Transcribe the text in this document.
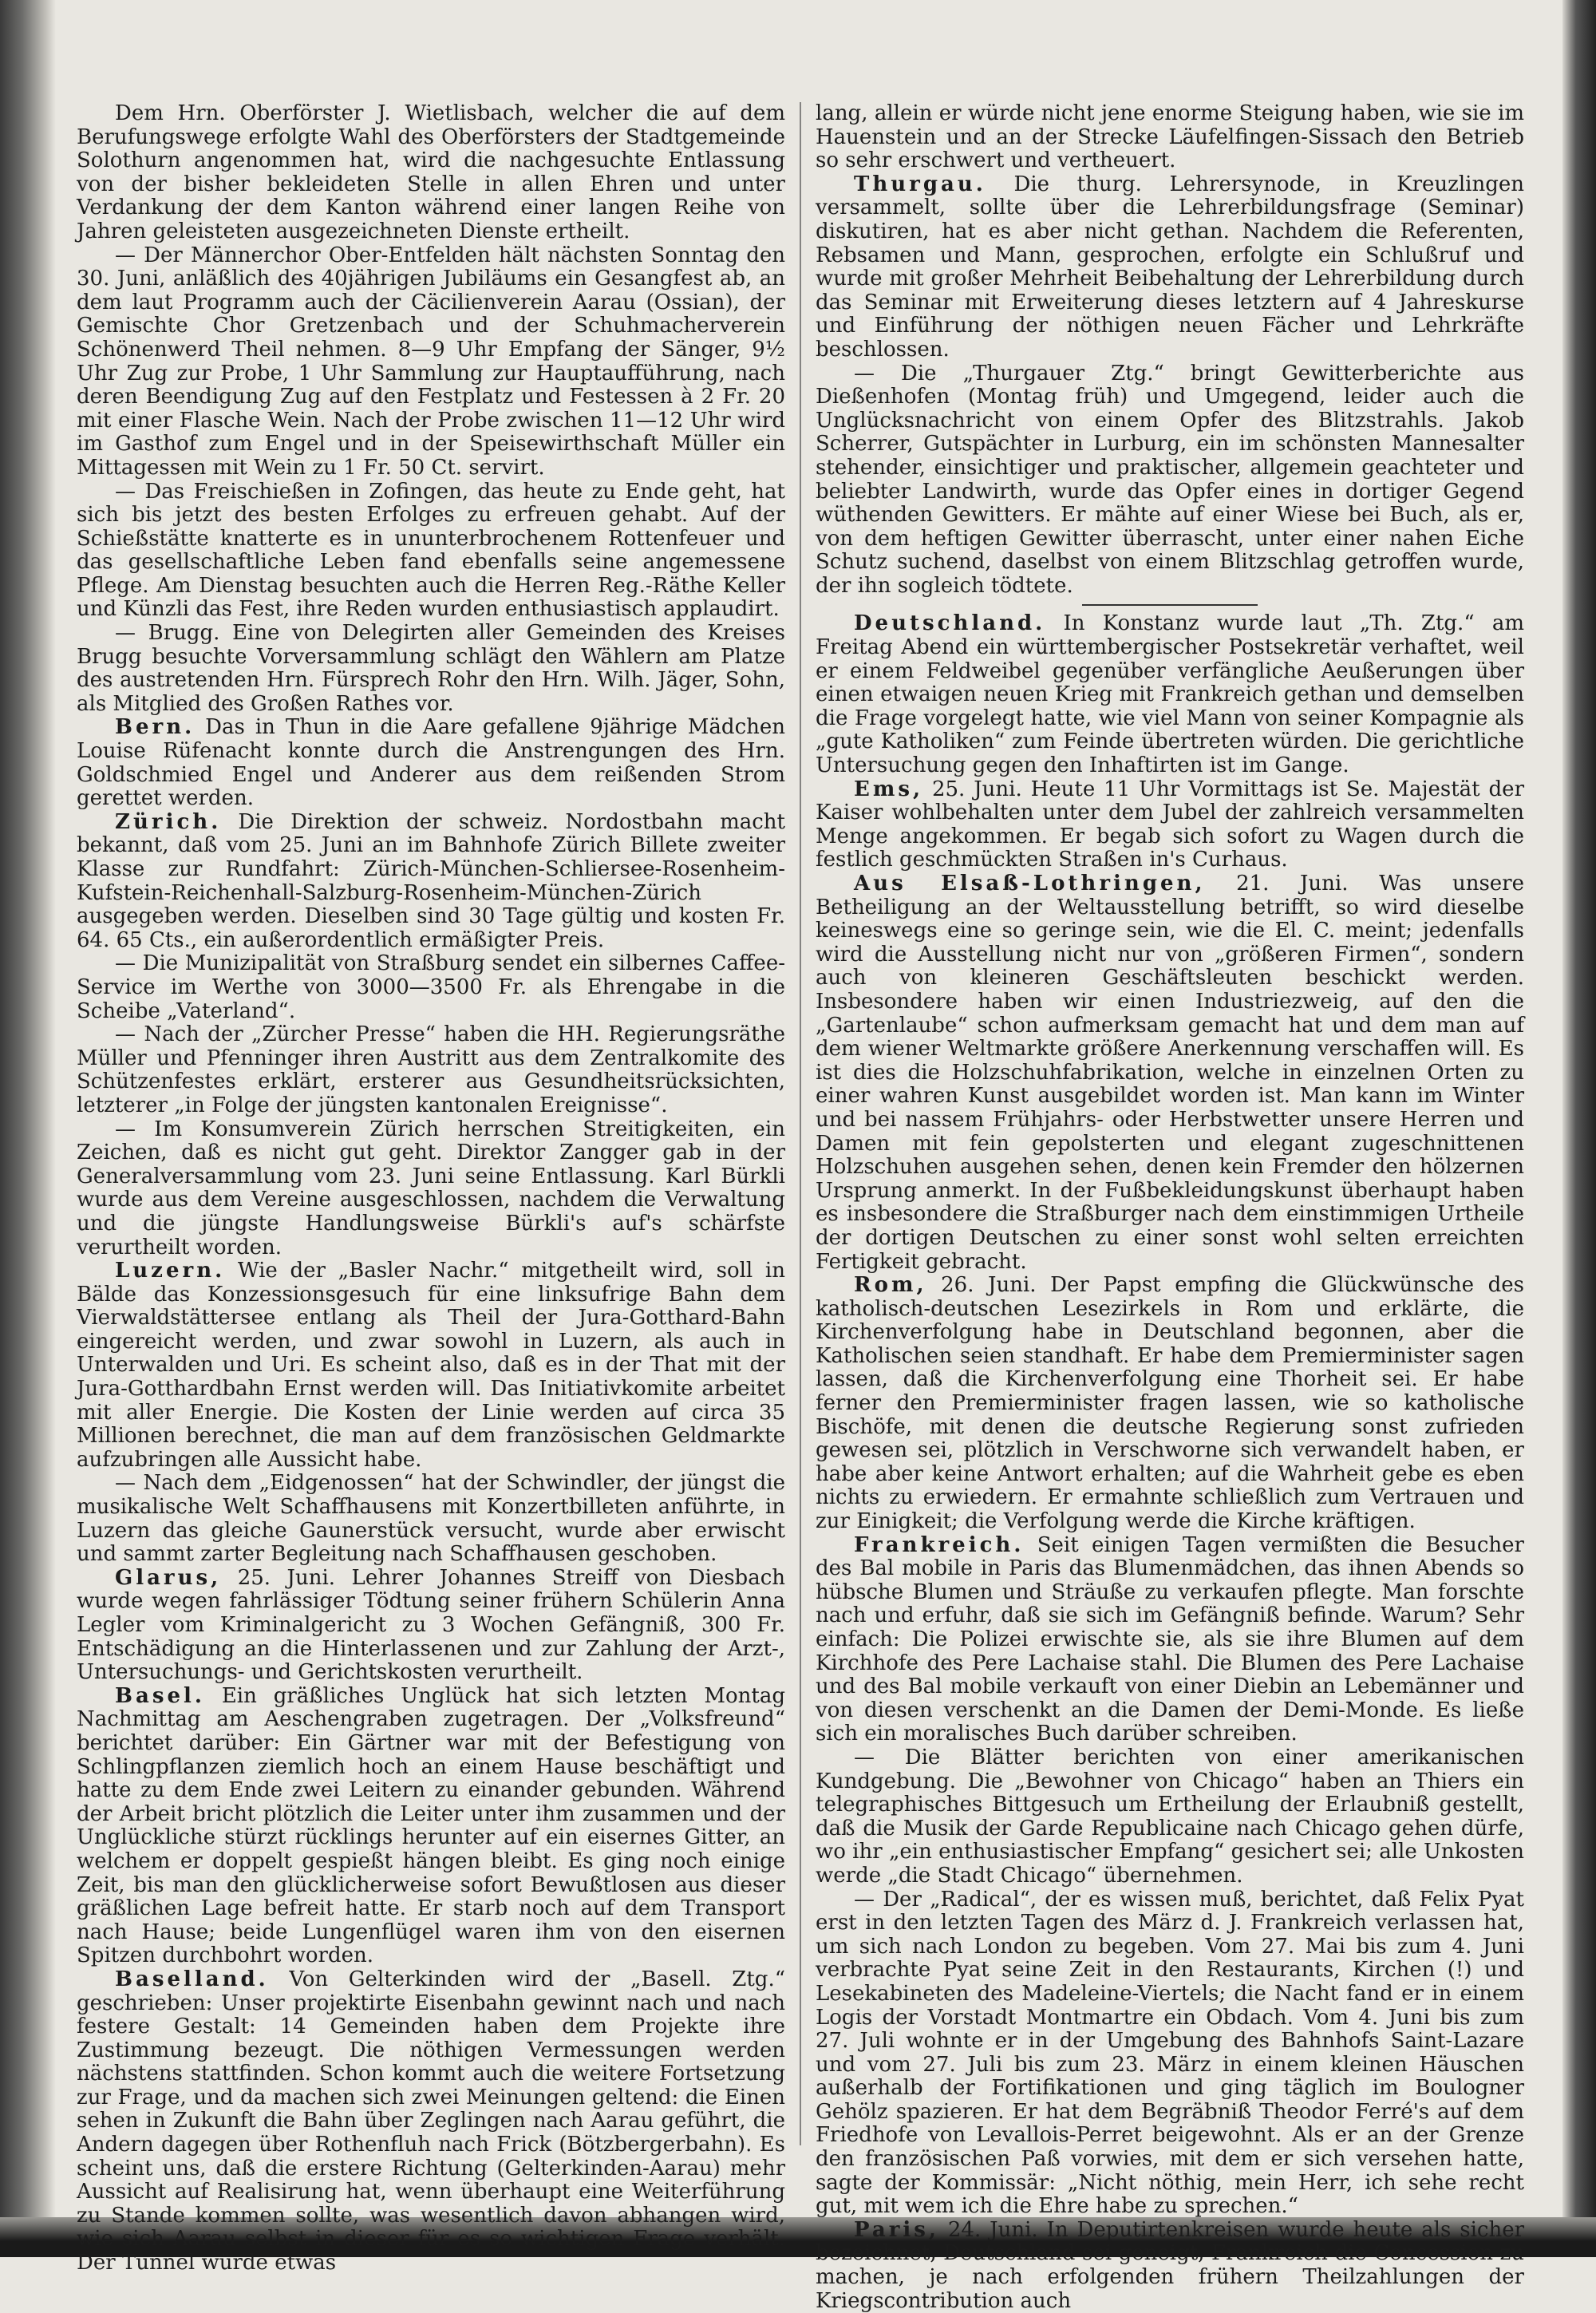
Dem Hrn. Oberförster J. Wietlisbach, welcher die auf dem Berufungswege erfolgte Wahl des Oberförsters der Stadtgemeinde Solothurn angenommen hat, wird die nachgesuchte Entlassung von der bisher bekleideten Stelle in allen Ehren und unter Verdankung der dem Kanton während einer langen Reihe von Jahren geleisteten ausgezeichneten Dienste ertheilt.

— Der Männerchor Ober-Entfelden hält nächsten Sonntag den 30. Juni, anläßlich des 40jährigen Jubiläums ein Gesangfest ab, an dem laut Programm auch der Cäcilienverein Aarau (Ossian), der Gemischte Chor Gretzenbach und der Schuhmacherverein Schönenwerd Theil nehmen. 8—9 Uhr Empfang der Sänger, 9½ Uhr Zug zur Probe, 1 Uhr Sammlung zur Hauptaufführung, nach deren Beendigung Zug auf den Festplatz und Festessen à 2 Fr. 20 mit einer Flasche Wein. Nach der Probe zwischen 11—12 Uhr wird im Gasthof zum Engel und in der Speisewirthschaft Müller ein Mittagessen mit Wein zu 1 Fr. 50 Ct. servirt.

— Das Freischießen in Zofingen, das heute zu Ende geht, hat sich bis jetzt des besten Erfolges zu erfreuen gehabt. Auf der Schießstätte knatterte es in ununterbrochenem Rottenfeuer und das gesellschaftliche Leben fand ebenfalls seine angemessene Pflege. Am Dienstag besuchten auch die Herren Reg.-Räthe Keller und Künzli das Fest, ihre Reden wurden enthusiastisch applaudirt.

— Brugg. Eine von Delegirten aller Gemeinden des Kreises Brugg besuchte Vorversammlung schlägt den Wählern am Platze des austretenden Hrn. Fürsprech Rohr den Hrn. Wilh. Jäger, Sohn, als Mitglied des Großen Rathes vor.

Bern. Das in Thun in die Aare gefallene 9jährige Mädchen Louise Rüfenacht konnte durch die Anstrengungen des Hrn. Goldschmied Engel und Anderer aus dem reißenden Strom gerettet werden.

Zürich. Die Direktion der schweiz. Nordostbahn macht bekannt, daß vom 25. Juni an im Bahnhofe Zürich Billete zweiter Klasse zur Rundfahrt: Zürich-München-Schliersee-Rosenheim-Kufstein-Reichenhall-Salzburg-Rosenheim-München-Zürich ausgegeben werden. Dieselben sind 30 Tage gültig und kosten Fr. 64. 65 Cts., ein außerordentlich ermäßigter Preis.

— Die Munizipalität von Straßburg sendet ein silbernes Caffee-Service im Werthe von 3000—3500 Fr. als Ehrengabe in die Scheibe „Vaterland“.

— Nach der „Zürcher Presse“ haben die HH. Regierungsräthe Müller und Pfenninger ihren Austritt aus dem Zentralkomite des Schützenfestes erklärt, ersterer aus Gesundheitsrücksichten, letzterer „in Folge der jüngsten kantonalen Ereignisse“.

— Im Konsumverein Zürich herrschen Streitigkeiten, ein Zeichen, daß es nicht gut geht. Direktor Zangger gab in der Generalversammlung vom 23. Juni seine Entlassung. Karl Bürkli wurde aus dem Vereine ausgeschlossen, nachdem die Verwaltung und die jüngste Handlungsweise Bürkli's auf's schärfste verurtheilt worden.

Luzern. Wie der „Basler Nachr.“ mitgetheilt wird, soll in Bälde das Konzessionsgesuch für eine linksufrige Bahn dem Vierwaldstättersee entlang als Theil der Jura-Gotthard-Bahn eingereicht werden, und zwar sowohl in Luzern, als auch in Unterwalden und Uri. Es scheint also, daß es in der That mit der Jura-Gotthardbahn Ernst werden will. Das Initiativkomite arbeitet mit aller Energie. Die Kosten der Linie werden auf circa 35 Millionen berechnet, die man auf dem französischen Geldmarkte aufzubringen alle Aussicht habe.

— Nach dem „Eidgenossen“ hat der Schwindler, der jüngst die musikalische Welt Schaffhausens mit Konzertbilleten anführte, in Luzern das gleiche Gaunerstück versucht, wurde aber erwischt und sammt zarter Begleitung nach Schaffhausen geschoben.

Glarus, 25. Juni. Lehrer Johannes Streiff von Diesbach wurde wegen fahrlässiger Tödtung seiner frühern Schülerin Anna Legler vom Kriminalgericht zu 3 Wochen Gefängniß, 300 Fr. Entschädigung an die Hinterlassenen und zur Zahlung der Arzt-, Untersuchungs- und Gerichtskosten verurtheilt.

Basel. Ein gräßliches Unglück hat sich letzten Montag Nachmittag am Aeschengraben zugetragen. Der „Volksfreund“ berichtet darüber: Ein Gärtner war mit der Befestigung von Schlingpflanzen ziemlich hoch an einem Hause beschäftigt und hatte zu dem Ende zwei Leitern zu einander gebunden. Während der Arbeit bricht plötzlich die Leiter unter ihm zusammen und der Unglückliche stürzt rücklings herunter auf ein eisernes Gitter, an welchem er doppelt gespießt hängen bleibt. Es ging noch einige Zeit, bis man den glücklicherweise sofort Bewußtlosen aus dieser gräßlichen Lage befreit hatte. Er starb noch auf dem Transport nach Hause; beide Lungenflügel waren ihm von den eisernen Spitzen durchbohrt worden.

Baselland. Von Gelterkinden wird der „Basell. Ztg.“ geschrieben: Unser projektirte Eisenbahn gewinnt nach und nach festere Gestalt: 14 Gemeinden haben dem Projekte ihre Zustimmung bezeugt. Die nöthigen Vermessungen werden nächstens stattfinden. Schon kommt auch die weitere Fortsetzung zur Frage, und da machen sich zwei Meinungen geltend: die Einen sehen in Zukunft die Bahn über Zeglingen nach Aarau geführt, die Andern dagegen über Rothenfluh nach Frick (Bötzbergerbahn). Es scheint uns, daß die erstere Richtung (Gelterkinden-Aarau) mehr Aussicht auf Realisirung hat, wenn überhaupt eine Weiterführung zu Stande kommen sollte, was wesentlich davon abhangen wird, wie sich Aarau selbst in dieser für es so wichtigen Frage verhält. Der Tunnel würde etwas

lang, allein er würde nicht jene enorme Steigung haben, wie sie im Hauenstein und an der Strecke Läufelfingen-Sissach den Betrieb so sehr erschwert und vertheuert.

Thurgau. Die thurg. Lehrersynode, in Kreuzlingen versammelt, sollte über die Lehrerbildungsfrage (Seminar) diskutiren, hat es aber nicht gethan. Nachdem die Referenten, Rebsamen und Mann, gesprochen, erfolgte ein Schlußruf und wurde mit großer Mehrheit Beibehaltung der Lehrerbildung durch das Seminar mit Erweiterung dieses letztern auf 4 Jahreskurse und Einführung der nöthigen neuen Fächer und Lehrkräfte beschlossen.

— Die „Thurgauer Ztg.“ bringt Gewitterberichte aus Dießenhofen (Montag früh) und Umgegend, leider auch die Unglücksnachricht von einem Opfer des Blitzstrahls. Jakob Scherrer, Gutspächter in Lurburg, ein im schönsten Mannesalter stehender, einsichtiger und praktischer, allgemein geachteter und beliebter Landwirth, wurde das Opfer eines in dortiger Gegend wüthenden Gewitters. Er mähte auf einer Wiese bei Buch, als er, von dem heftigen Gewitter überrascht, unter einer nahen Eiche Schutz suchend, daselbst von einem Blitzschlag getroffen wurde, der ihn sogleich tödtete.

Deutschland. In Konstanz wurde laut „Th. Ztg.“ am Freitag Abend ein württembergischer Postsekretär verhaftet, weil er einem Feldweibel gegenüber verfängliche Aeußerungen über einen etwaigen neuen Krieg mit Frankreich gethan und demselben die Frage vorgelegt hatte, wie viel Mann von seiner Kompagnie als „gute Katholiken“ zum Feinde übertreten würden. Die gerichtliche Untersuchung gegen den Inhaftirten ist im Gange.

Ems, 25. Juni. Heute 11 Uhr Vormittags ist Se. Majestät der Kaiser wohlbehalten unter dem Jubel der zahlreich versammelten Menge angekommen. Er begab sich sofort zu Wagen durch die festlich geschmückten Straßen in's Curhaus.

Aus Elsaß-Lothringen, 21. Juni. Was unsere Betheiligung an der Weltausstellung betrifft, so wird dieselbe keineswegs eine so geringe sein, wie die El. C. meint; jedenfalls wird die Ausstellung nicht nur von „größeren Firmen“, sondern auch von kleineren Geschäftsleuten beschickt werden. Insbesondere haben wir einen Industriezweig, auf den die „Gartenlaube“ schon aufmerksam gemacht hat und dem man auf dem wiener Weltmarkte größere Anerkennung verschaffen will. Es ist dies die Holzschuhfabrikation, welche in einzelnen Orten zu einer wahren Kunst ausgebildet worden ist. Man kann im Winter und bei nassem Frühjahrs- oder Herbstwetter unsere Herren und Damen mit fein gepolsterten und elegant zugeschnittenen Holzschuhen ausgehen sehen, denen kein Fremder den hölzernen Ursprung anmerkt. In der Fußbekleidungskunst überhaupt haben es insbesondere die Straßburger nach dem einstimmigen Urtheile der dortigen Deutschen zu einer sonst wohl selten erreichten Fertigkeit gebracht.

Rom, 26. Juni. Der Papst empfing die Glückwünsche des katholisch-deutschen Lesezirkels in Rom und erklärte, die Kirchenverfolgung habe in Deutschland begonnen, aber die Katholischen seien standhaft. Er habe dem Premierminister sagen lassen, daß die Kirchenverfolgung eine Thorheit sei. Er habe ferner den Premierminister fragen lassen, wie so katholische Bischöfe, mit denen die deutsche Regierung sonst zufrieden gewesen sei, plötzlich in Verschworne sich verwandelt haben, er habe aber keine Antwort erhalten; auf die Wahrheit gebe es eben nichts zu erwiedern. Er ermahnte schließlich zum Vertrauen und zur Einigkeit; die Verfolgung werde die Kirche kräftigen.

Frankreich. Seit einigen Tagen vermißten die Besucher des Bal mobile in Paris das Blumenmädchen, das ihnen Abends so hübsche Blumen und Sträuße zu verkaufen pflegte. Man forschte nach und erfuhr, daß sie sich im Gefängniß befinde. Warum? Sehr einfach: Die Polizei erwischte sie, als sie ihre Blumen auf dem Kirchhofe des Pere Lachaise stahl. Die Blumen des Pere Lachaise und des Bal mobile verkauft von einer Diebin an Lebemänner und von diesen verschenkt an die Damen der Demi-Monde. Es ließe sich ein moralisches Buch darüber schreiben.

— Die Blätter berichten von einer amerikanischen Kundgebung. Die „Bewohner von Chicago“ haben an Thiers ein telegraphisches Bittgesuch um Ertheilung der Erlaubniß gestellt, daß die Musik der Garde Republicaine nach Chicago gehen dürfe, wo ihr „ein enthusiastischer Empfang“ gesichert sei; alle Unkosten werde „die Stadt Chicago“ übernehmen.

— Der „Radical“, der es wissen muß, berichtet, daß Felix Pyat erst in den letzten Tagen des März d. J. Frankreich verlassen hat, um sich nach London zu begeben. Vom 27. Mai bis zum 4. Juni verbrachte Pyat seine Zeit in den Restaurants, Kirchen (!) und Lesekabineten des Madeleine-Viertels; die Nacht fand er in einem Logis der Vorstadt Montmartre ein Obdach. Vom 4. Juni bis zum 27. Juli wohnte er in der Umgebung des Bahnhofs Saint-Lazare und vom 27. Juli bis zum 23. März in einem kleinen Häuschen außerhalb der Fortifikationen und ging täglich im Boulogner Gehölz spazieren. Er hat dem Begräbniß Theodor Ferré's auf dem Friedhofe von Levallois-Perret beigewohnt. Als er an der Grenze den französischen Paß vorwies, mit dem er sich versehen hatte, sagte der Kommissär: „Nicht nöthig, mein Herr, ich sehe recht gut, mit wem ich die Ehre habe zu sprechen.“

Paris, 24. Juni. In Deputirtenkreisen wurde heute als sicher bezeichnet, Deutschland sei geneigt, Frankreich die Concession zu machen, je nach erfolgenden frühern Theilzahlungen der Kriegscontribution auch
